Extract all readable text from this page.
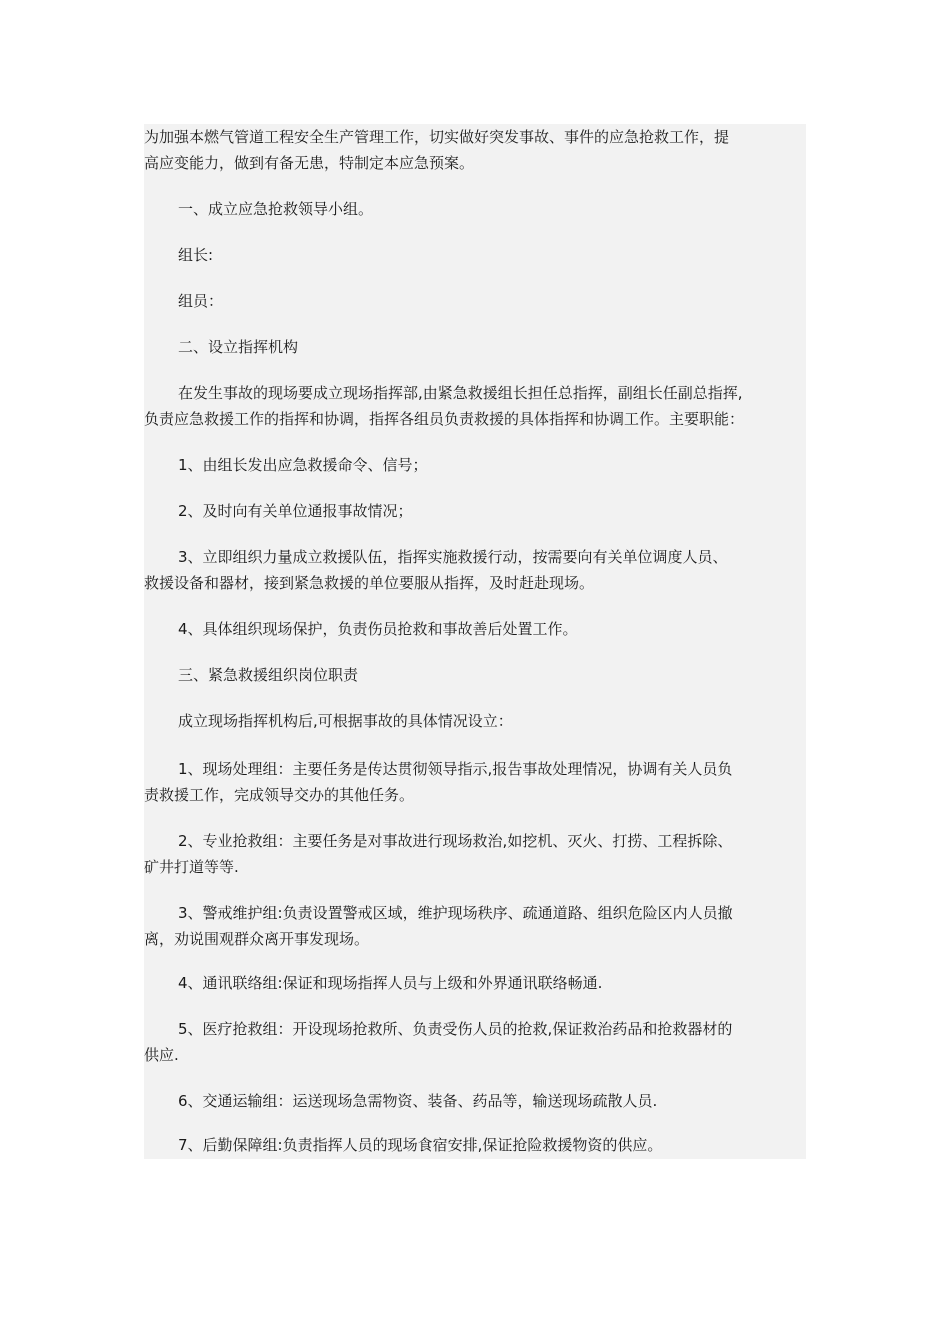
为加强本燃气管道工程安全生产管理工作，切实做好突发事故、事件的应急抢救工作，提
高应变能力，做到有备无患，特制定本应急预案。
一、成立应急抢救领导小组。
组长:
组员：
二、设立指挥机构
在发生事故的现场要成立现场指挥部,由紧急救援组长担任总指挥，副组长任副总指挥,
负责应急救援工作的指挥和协调，指挥各组员负责救援的具体指挥和协调工作。主要职能：
1、由组长发出应急救援命令、信号；
2、及时向有关单位通报事故情况；
3、立即组织力量成立救援队伍，指挥实施救援行动，按需要向有关单位调度人员、
救援设备和器材，接到紧急救援的单位要服从指挥，及时赶赴现场。
4、具体组织现场保护，负责伤员抢救和事故善后处置工作。
三、紧急救援组织岗位职责
成立现场指挥机构后,可根据事故的具体情况设立：
1、现场处理组：主要任务是传达贯彻领导指示,报告事故处理情况，协调有关人员负
责救援工作，完成领导交办的其他任务。
2、专业抢救组：主要任务是对事故进行现场救治,如挖机、灭火、打捞、工程拆除、
矿井打道等等.
3、警戒维护组:负责设置警戒区域，维护现场秩序、疏通道路、组织危险区内人员撤
离，劝说围观群众离开事发现场。
4、通讯联络组:保证和现场指挥人员与上级和外界通讯联络畅通.
5、医疗抢救组：开设现场抢救所、负责受伤人员的抢救,保证救治药品和抢救器材的
供应.
6、交通运输组：运送现场急需物资、装备、药品等，输送现场疏散人员.
7、后勤保障组:负责指挥人员的现场食宿安排,保证抢险救援物资的供应。
